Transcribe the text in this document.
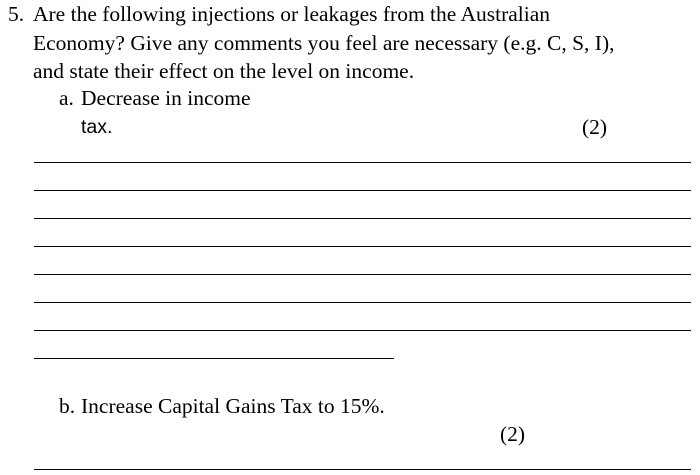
5. Are the following injections or leakages from the Australian
Economy? Give any comments you feel are necessary (e.g. C, S, I),
and state their effect on the level on income.
a. Decrease in income
tax.	(2)
b. Increase Capital Gains Tax to 15%.
(2)
